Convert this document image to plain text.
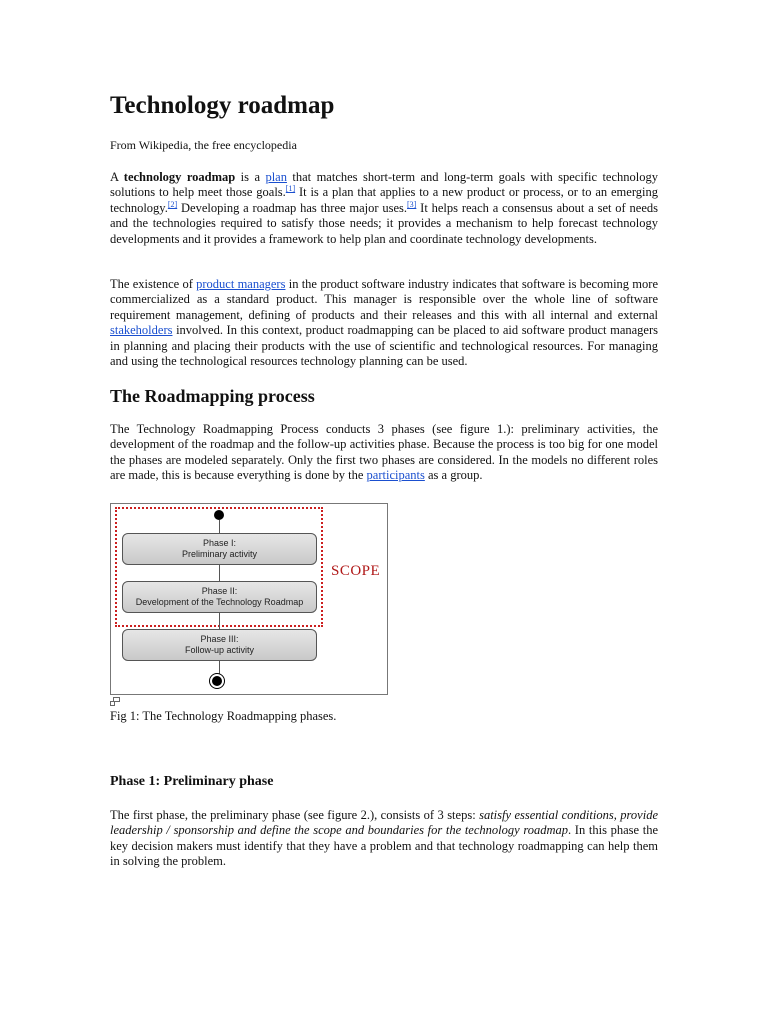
Technology roadmap

From Wikipedia, the free encyclopedia

A technology roadmap is a plan that matches short-term and long-term goals with specific technology solutions to help meet those goals.[1] It is a plan that applies to a new product or process, or to an emerging technology.[2] Developing a roadmap has three major uses.[3] It helps reach a consensus about a set of needs and the technologies required to satisfy those needs; it provides a mechanism to help forecast technology developments and it provides a framework to help plan and coordinate technology developments.

The existence of product managers in the product software industry indicates that software is becoming more commercialized as a standard product. This manager is responsible over the whole line of software requirement management, defining of products and their releases and this with all internal and external stakeholders involved. In this context, product roadmapping can be placed to aid software product managers in planning and placing their products with the use of scientific and technological resources. For managing and using the technological resources technology planning can be used.

The Roadmapping process

The Technology Roadmapping Process conducts 3 phases (see figure 1.): preliminary activities, the development of the roadmap and the follow-up activities phase. Because the process is too big for one model the phases are modeled separately. Only the first two phases are considered. In the models no different roles are made, this is because everything is done by the participants as a group.

Phase I:
Preliminary activity
Phase II:
Development of the Technology Roadmap
Phase III:
Follow-up activity
SCOPE

Fig 1: The Technology Roadmapping phases.

Phase 1: Preliminary phase

The first phase, the preliminary phase (see figure 2.), consists of 3 steps: satisfy essential conditions, provide leadership / sponsorship and define the scope and boundaries for the technology roadmap. In this phase the key decision makers must identify that they have a problem and that technology roadmapping can help them in solving the problem.
